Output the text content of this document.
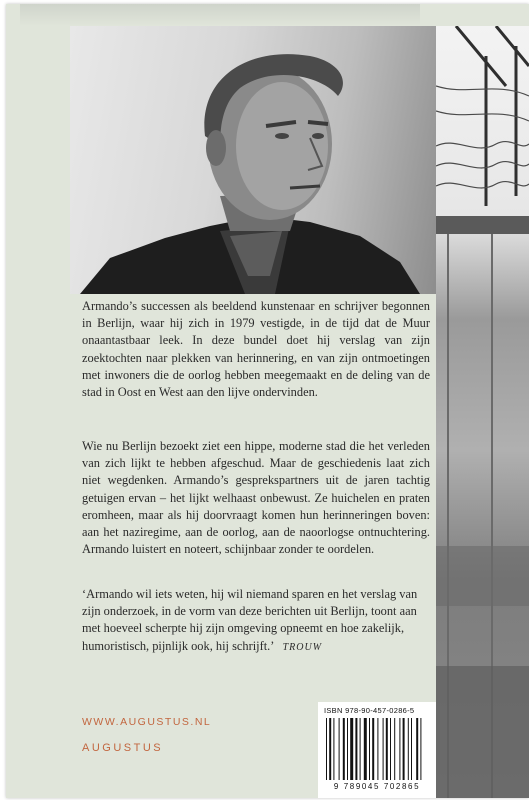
Armando’s successen als beeldend kunstenaar en schrijver begonnen in Berlijn, waar hij zich in 1979 vestigde, in de tijd dat de Muur onaantastbaar leek. In deze bundel doet hij verslag van zijn zoektochten naar plekken van herinnering, en van zijn ontmoetingen met inwoners die de oorlog hebben meegemaakt en de deling van de stad in Oost en West aan den lijve ondervinden.
Wie nu Berlijn bezoekt ziet een hippe, moderne stad die het verleden van zich lijkt te hebben afgeschud. Maar de geschiedenis laat zich niet wegdenken. Armando’s gesprekspartners uit de jaren tachtig getuigen ervan – het lijkt welhaast onbewust. Ze huichelen en praten eromheen, maar als hij doorvraagt komen hun herinneringen boven: aan het naziregime, aan de oorlog, aan de naoorlogse ontnuchtering. Armando luistert en noteert, schijnbaar zonder te oordelen.
‘Armando wil iets weten, hij wil niemand sparen en het verslag van zijn onderzoek, in de vorm van deze berichten uit Berlijn, toont aan met hoeveel scherpte hij zijn omgeving opneemt en hoe zakelijk, humoristisch, pijnlijk ook, hij schrijft.’ TROUW
WWW.AUGUSTUS.NL
AUGUSTUS
ISBN 978-90-457-0286-5
9 789045 702865
